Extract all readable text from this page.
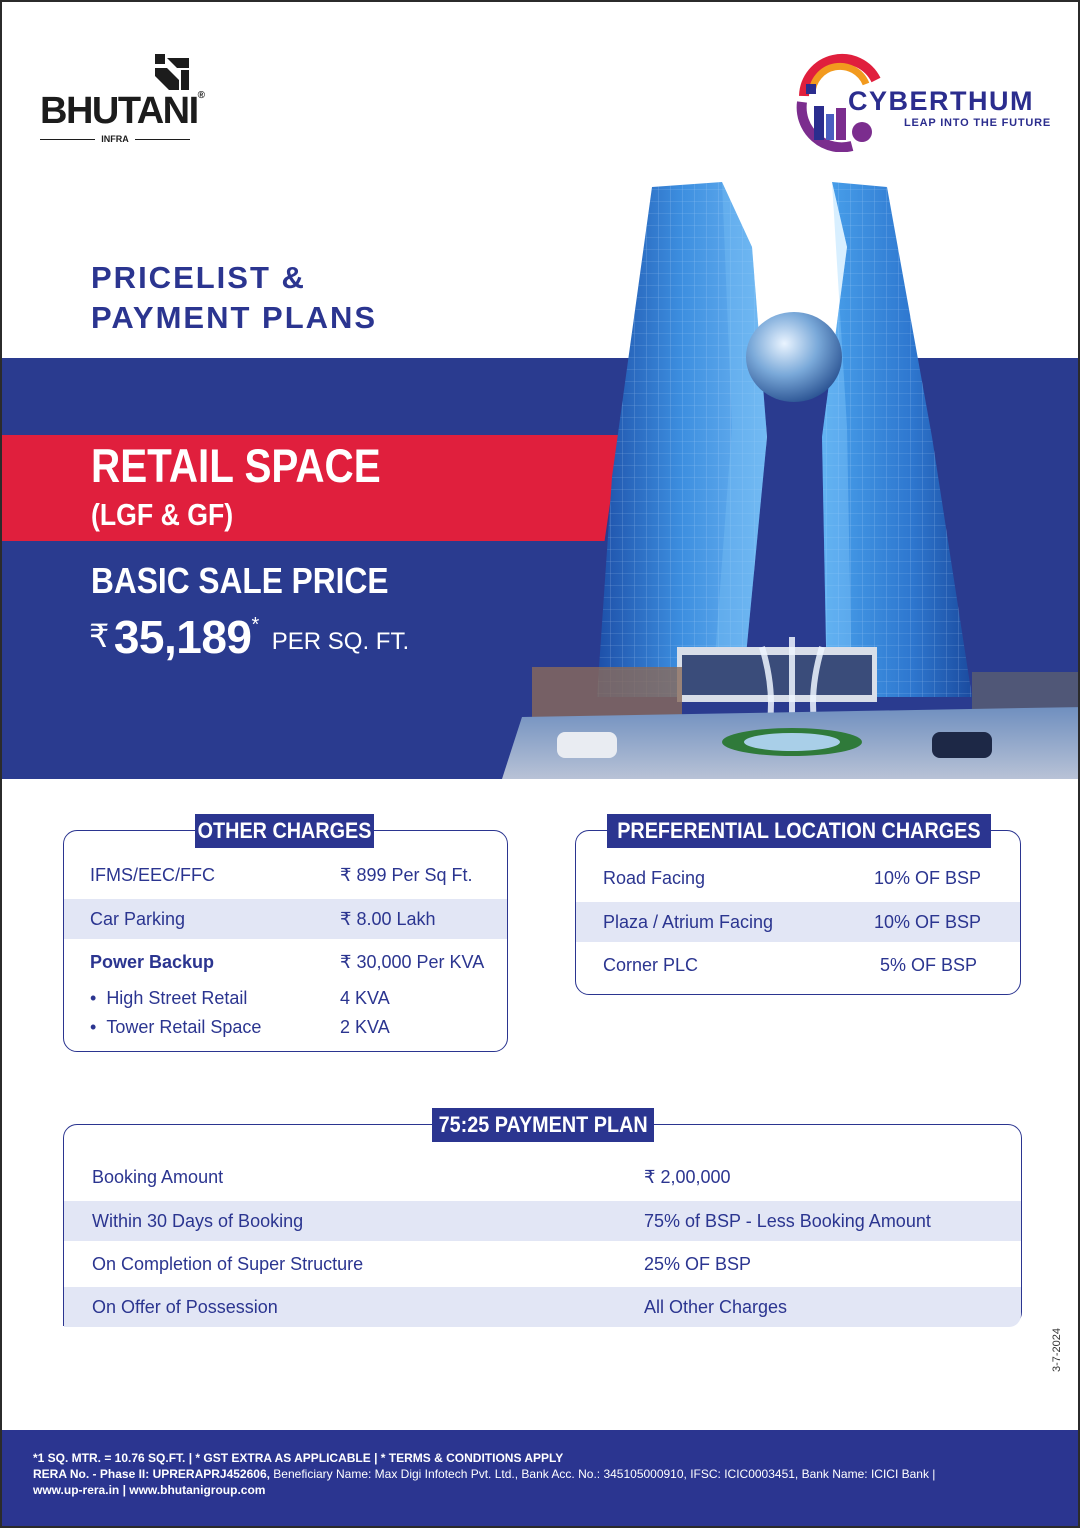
BHUTANI®
INFRA
CYBERTHUM
LEAP INTO THE FUTURE
PRICELIST &
PAYMENT PLANS
RETAIL SPACE
(LGF & GF)
BASIC SALE PRICE
₹ 35,189* PER SQ. FT.
OTHER CHARGES
IFMS/EEC/FFC	₹ 899 Per Sq Ft.
Car Parking	₹ 8.00 Lakh
Power Backup	₹ 30,000 Per KVA
•  High Street Retail	4 KVA
•  Tower Retail Space	2 KVA
PREFERENTIAL LOCATION CHARGES
Road Facing	10% OF BSP
Plaza / Atrium Facing	10% OF BSP
Corner PLC	5% OF BSP
75:25 PAYMENT PLAN
Booking Amount	₹ 2,00,000
Within 30 Days of Booking	75% of BSP - Less Booking Amount
On Completion of Super Structure	25% OF BSP
On Offer of Possession	All Other Charges
3-7-2024
*1 SQ. MTR. = 10.76 SQ.FT. | * GST EXTRA AS APPLICABLE | * TERMS & CONDITIONS APPLY
RERA No. - Phase II: UPRERAPRJ452606, Beneficiary Name: Max Digi Infotech Pvt. Ltd., Bank Acc. No.: 345105000910, IFSC: ICIC0003451, Bank Name: ICICI Bank |
www.up-rera.in | www.bhutanigroup.com
